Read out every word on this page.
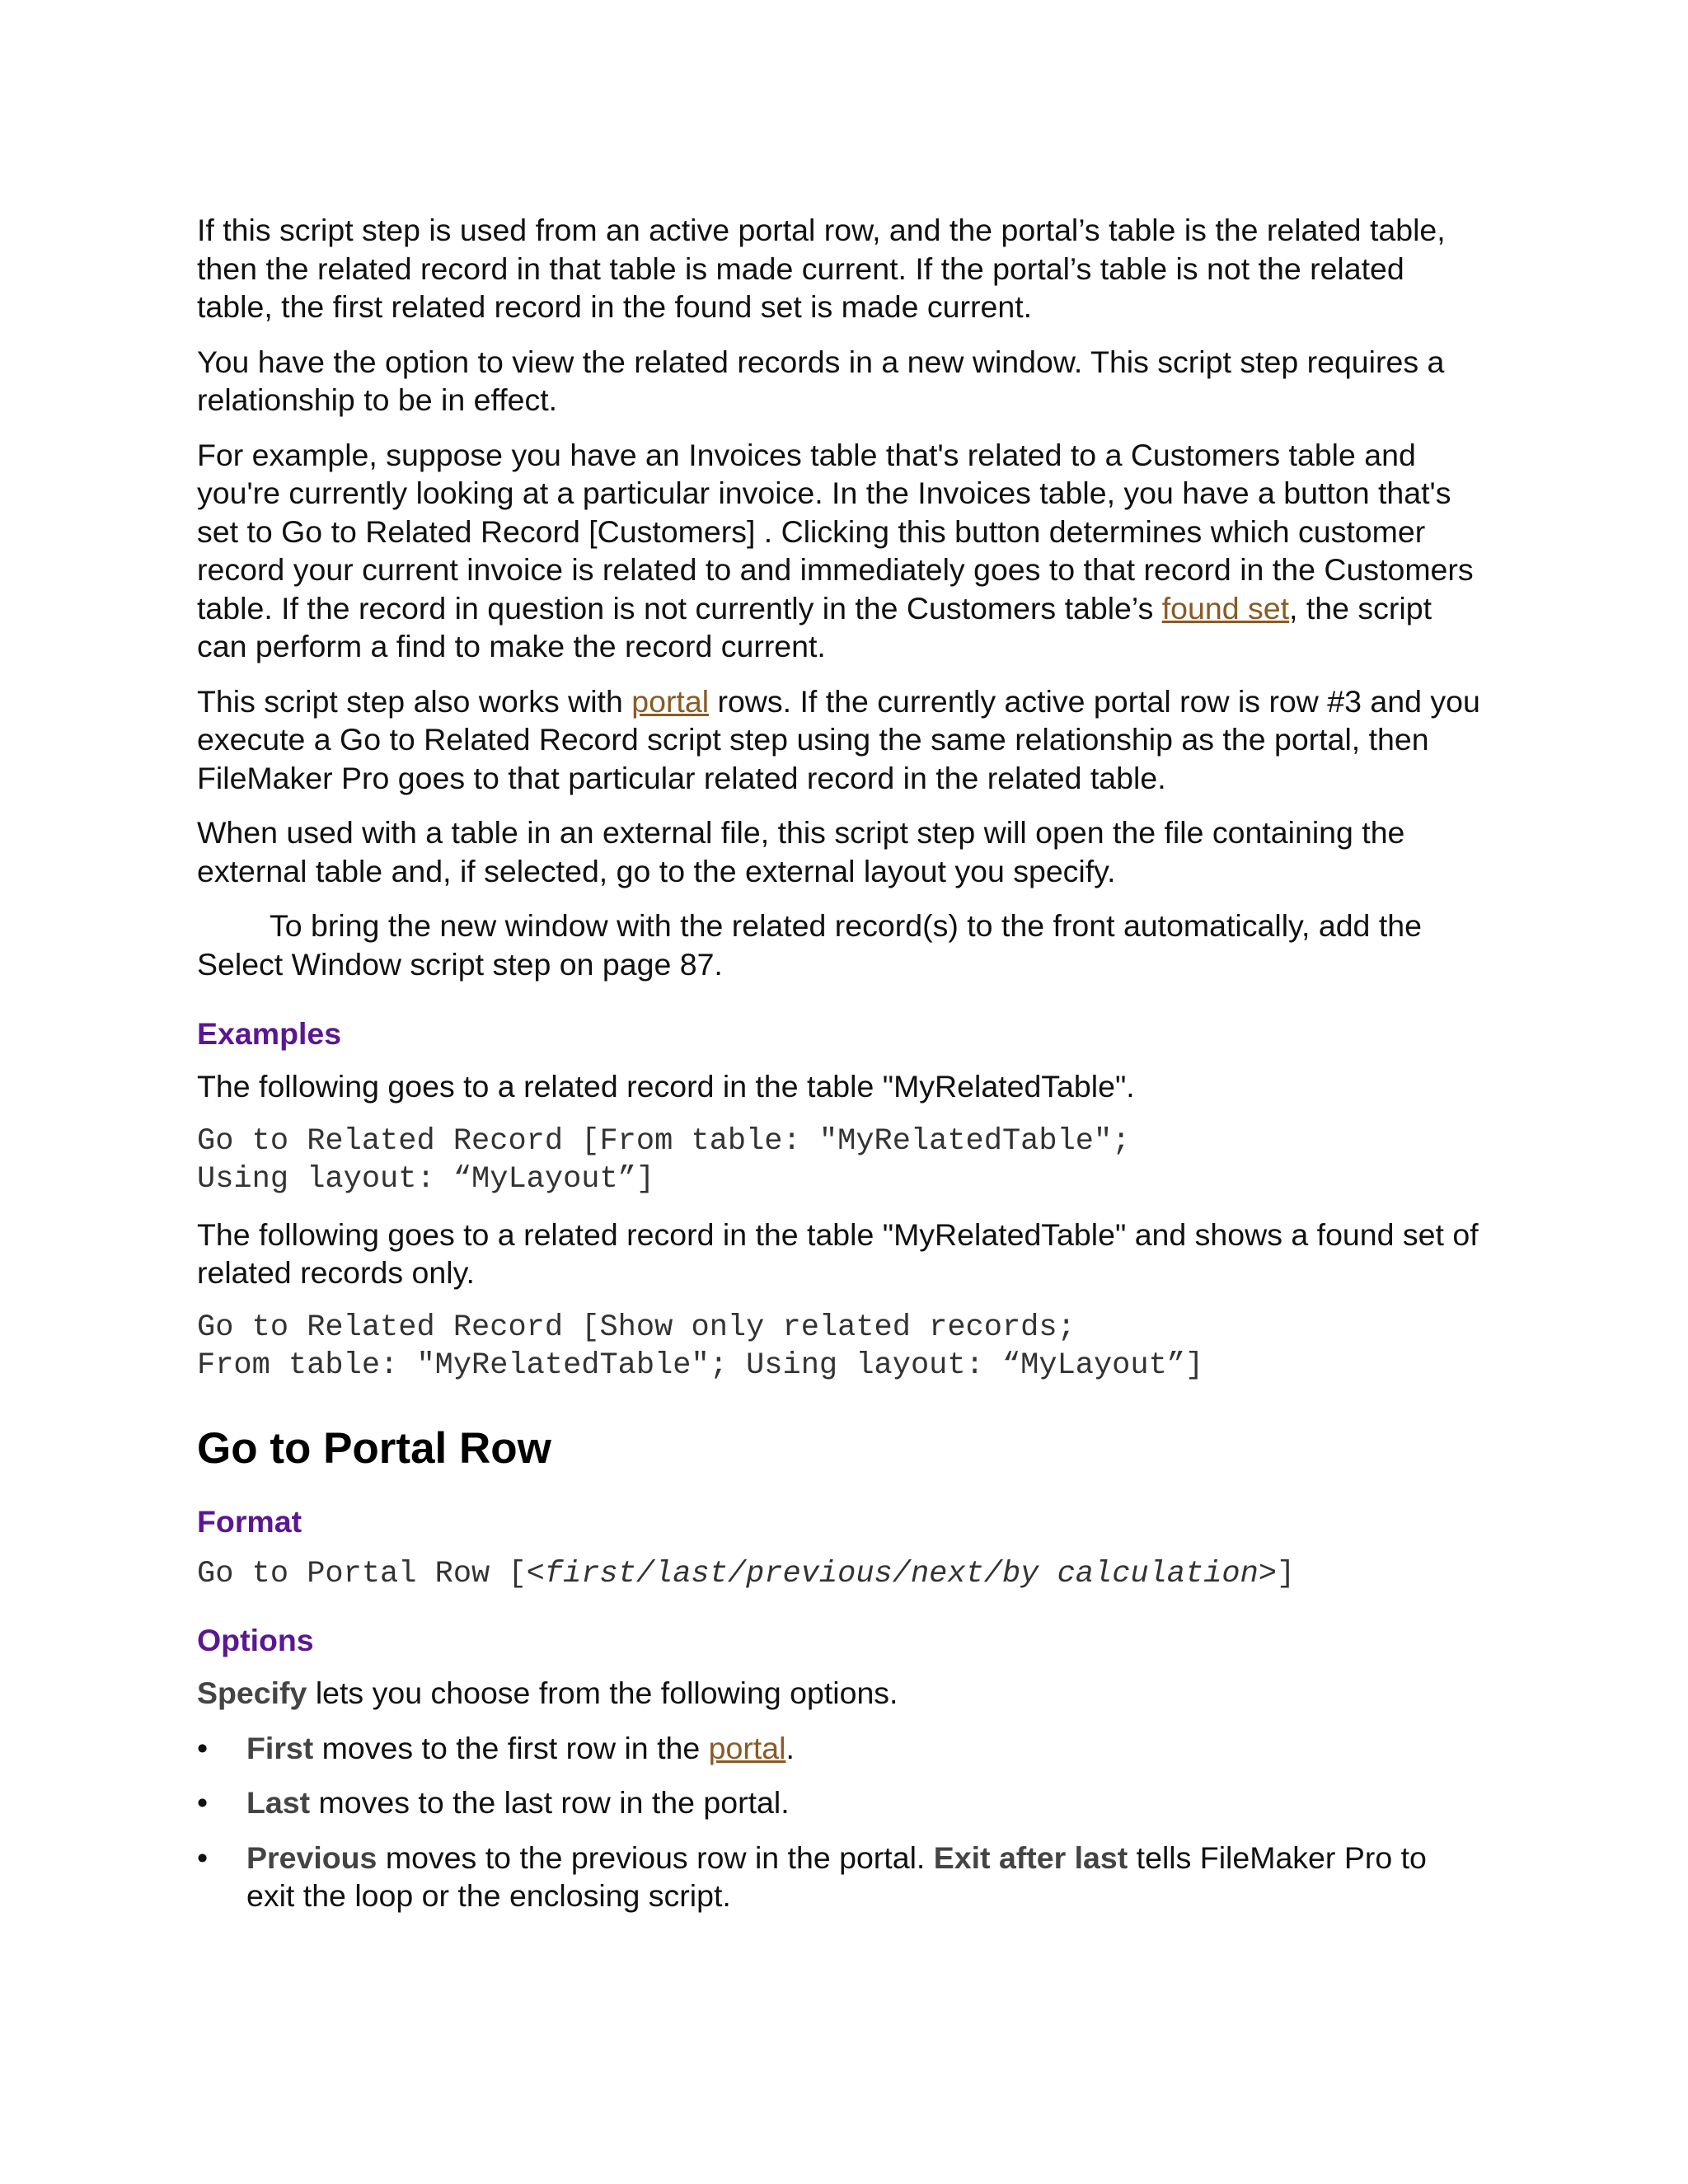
If this script step is used from an active portal row, and the portal’s table is the related table, then the related record in that table is made current. If the portal’s table is not the related table, the first related record in the found set is made current.

You have the option to view the related records in a new window. This script step requires a relationship to be in effect.

For example, suppose you have an Invoices table that's related to a Customers table and you're currently looking at a particular invoice. In the Invoices table, you have a button that's set to Go to Related Record [Customers] . Clicking this button determines which customer record your current invoice is related to and immediately goes to that record in the Customers table. If the record in question is not currently in the Customers table’s found set, the script can perform a find to make the record current.

This script step also works with portal rows. If the currently active portal row is row #3 and you execute a Go to Related Record script step using the same relationship as the portal, then FileMaker Pro goes to that particular related record in the related table.

When used with a table in an external file, this script step will open the file containing the external table and, if selected, go to the external layout you specify.

To bring the new window with the related record(s) to the front automatically, add the Select Window script step on page 87.

Examples

The following goes to a related record in the table "MyRelatedTable".

Go to Related Record [From table: "MyRelatedTable";
Using layout: “MyLayout”]

The following goes to a related record in the table "MyRelatedTable" and shows a found set of related records only.

Go to Related Record [Show only related records;
From table: "MyRelatedTable"; Using layout: “MyLayout”]
Go to Portal Row
Format
Go to Portal Row [<first/last/previous/next/by calculation>]
Options

Specify lets you choose from the following options.

• First moves to the first row in the portal.
• Last moves to the last row in the portal.
• Previous moves to the previous row in the portal. Exit after last tells FileMaker Pro to exit the loop or the enclosing script.
